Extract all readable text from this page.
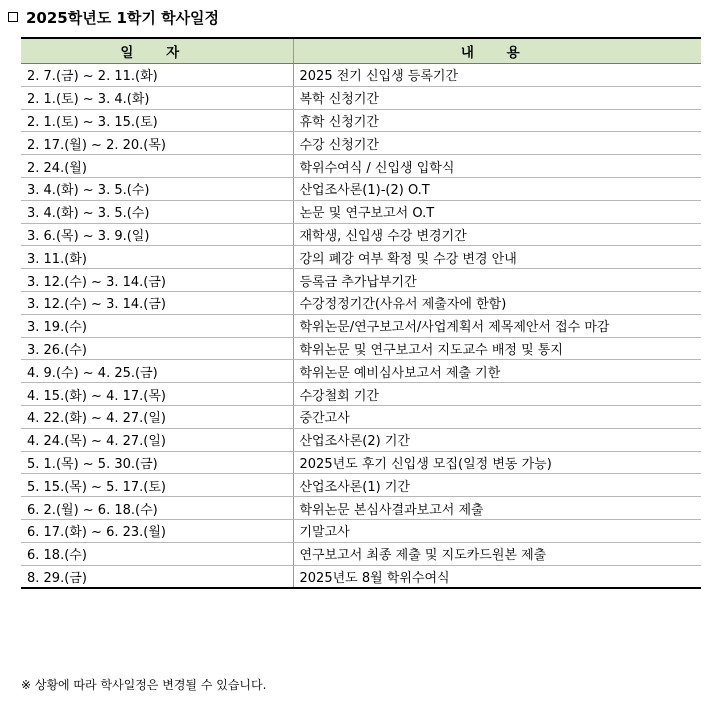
2025학년도 1학기 학사일정
일 자	내 용
2. 7.(금) ~ 2. 11.(화)	2025 전기 신입생 등록기간
2. 1.(토) ~ 3. 4.(화)	복학 신청기간
2. 1.(토) ~ 3. 15.(토)	휴학 신청기간
2. 17.(월) ~ 2. 20.(목)	수강 신청기간
2. 24.(월)	학위수여식 / 신입생 입학식
3. 4.(화) ~ 3. 5.(수)	산업조사론(1)-(2) O.T
3. 4.(화) ~ 3. 5.(수)	논문 및 연구보고서 O.T
3. 6.(목) ~ 3. 9.(일)	재학생, 신입생 수강 변경기간
3. 11.(화)	강의 폐강 여부 확정 및 수강 변경 안내
3. 12.(수) ~ 3. 14.(금)	등록금 추가납부기간
3. 12.(수) ~ 3. 14.(금)	수강정정기간(사유서 제출자에 한함)
3. 19.(수)	학위논문/연구보고서/사업계획서 제목제안서 접수 마감
3. 26.(수)	학위논문 및 연구보고서 지도교수 배정 및 통지
4. 9.(수) ~ 4. 25.(금)	학위논문 예비심사보고서 제출 기한
4. 15.(화) ~ 4. 17.(목)	수강철회 기간
4. 22.(화) ~ 4. 27.(일)	중간고사
4. 24.(목) ~ 4. 27.(일)	산업조사론(2) 기간
5. 1.(목) ~ 5. 30.(금)	2025년도 후기 신입생 모집(일정 변동 가능)
5. 15.(목) ~ 5. 17.(토)	산업조사론(1) 기간
6. 2.(월) ~ 6. 18.(수)	학위논문 본심사결과보고서 제출
6. 17.(화) ~ 6. 23.(월)	기말고사
6. 18.(수)	연구보고서 최종 제출 및 지도카드원본 제출
8. 29.(금)	2025년도 8월 학위수여식
※ 상황에 따라 학사일정은 변경될 수 있습니다.
